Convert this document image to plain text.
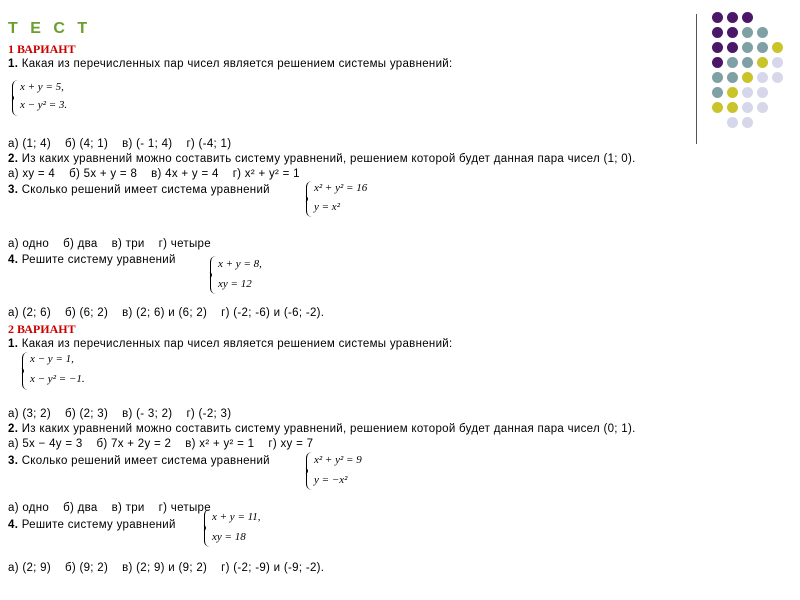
Т Е С Т
1 ВАРИАНТ
1. Какая из перечисленных пар чисел является решением системы уравнений:
x + y = 5,
x − y² = 3.
а) (1; 4) б) (4; 1) в) (- 1; 4) г) (-4; 1)
2. Из каких уравнений можно составить систему уравнений, решением которой будет данная пара чисел (1; 0).
а) xy = 4 б) 5x + y = 8 в) 4x + y = 4 г) x² + y² = 1
3. Сколько решений имеет система уравнений	x² + y² = 16
y = x²
а) одно б) два в) три г) четыре
4. Решите систему уравнений	x + y = 8,
xy = 12
а) (2; 6) б) (6; 2) в) (2; 6) и (6; 2) г) (-2; -6) и (-6; -2).
2 ВАРИАНТ
1. Какая из перечисленных пар чисел является решением системы уравнений:
x − y = 1,
x − y² = −1.
а) (3; 2) б) (2; 3) в) (- 3; 2) г) (-2; 3)
2. Из каких уравнений можно составить систему уравнений, решением которой будет данная пара чисел (0; 1).
а) 5x − 4y = 3 б) 7x + 2y = 2 в) x² + y² = 1 г) xy = 7
3. Сколько решений имеет система уравнений	x² + y² = 9
y = −x²
а) одно б) два в) три г) четыре
4. Решите систему уравнений
x + y = 11,
xy = 18
а) (2; 9) б) (9; 2) в) (2; 9) и (9; 2) г) (-2; -9) и (-9; -2).
